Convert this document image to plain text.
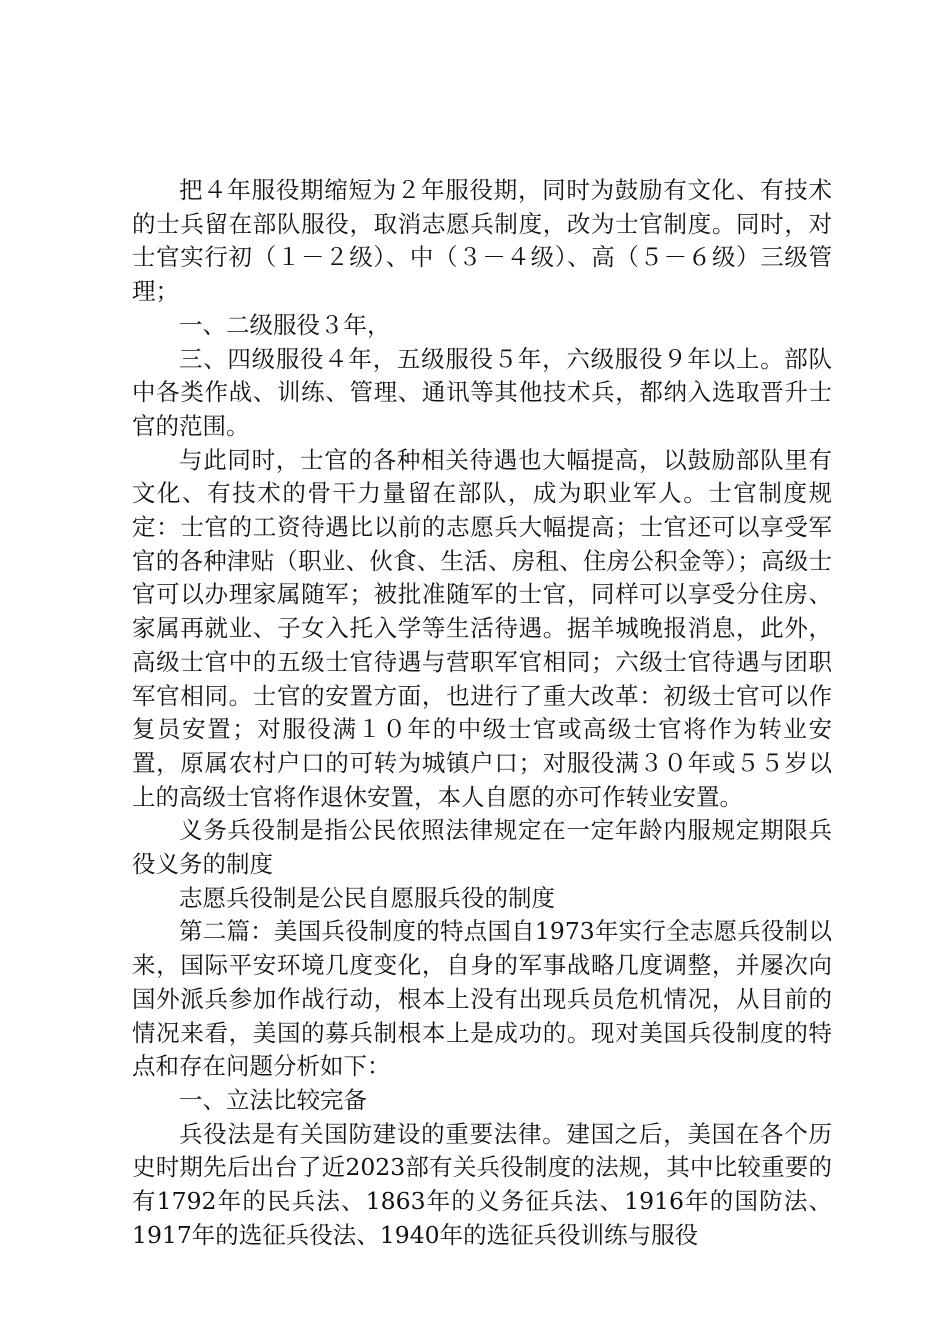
把４年服役期缩短为２年服役期，同时为鼓励有文化、有技术的士兵留在部队服役，取消志愿兵制度，改为士官制度。同时，对士官实行初（１－２级）、中（３－４级）、高（５－６级）三级管理；

一、二级服役３年，

三、四级服役４年，五级服役５年，六级服役９年以上。部队中各类作战、训练、管理、通讯等其他技术兵，都纳入选取晋升士官的范围。

与此同时，士官的各种相关待遇也大幅提高，以鼓励部队里有文化、有技术的骨干力量留在部队，成为职业军人。士官制度规定：士官的工资待遇比以前的志愿兵大幅提高；士官还可以享受军官的各种津贴（职业、伙食、生活、房租、住房公积金等）；高级士官可以办理家属随军；被批准随军的士官，同样可以享受分住房、家属再就业、子女入托入学等生活待遇。据羊城晚报消息，此外，高级士官中的五级士官待遇与营职军官相同；六级士官待遇与团职军官相同。士官的安置方面，也进行了重大改革：初级士官可以作复员安置；对服役满１０年的中级士官或高级士官将作为转业安置，原属农村户口的可转为城镇户口；对服役满３０年或５５岁以上的高级士官将作退休安置，本人自愿的亦可作转业安置。

义务兵役制是指公民依照法律规定在一定年龄内服规定期限兵役义务的制度

志愿兵役制是公民自愿服兵役的制度

第二篇：美国兵役制度的特点国自1973年实行全志愿兵役制以来，国际平安环境几度变化，自身的军事战略几度调整，并屡次向国外派兵参加作战行动，根本上没有出现兵员危机情况，从目前的情况来看，美国的募兵制根本上是成功的。现对美国兵役制度的特点和存在问题分析如下：

一、立法比较完备

兵役法是有关国防建设的重要法律。建国之后，美国在各个历史时期先后出台了近2023部有关兵役制度的法规，其中比较重要的有1792年的民兵法、1863年的义务征兵法、1916年的国防法、1917年的选征兵役法、1940年的选征兵役训练与服役
